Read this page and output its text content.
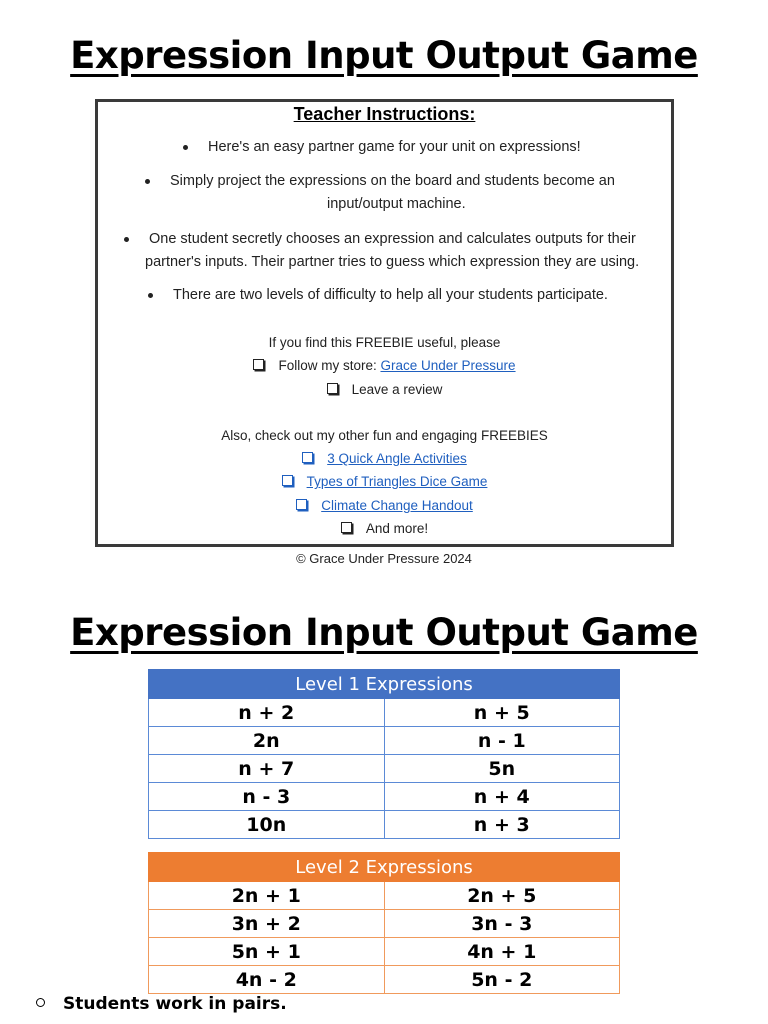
Expression Input Output Game
Teacher Instructions:
Here's an easy partner game for your unit on expressions!
Simply project the expressions on the board and students become an
input/output machine.
One student secretly chooses an expression and calculates outputs for their
partner's inputs. Their partner tries to guess which expression they are using.
There are two levels of difficulty to help all your students participate.
If you find this FREEBIE useful, please
Follow my store: Grace Under Pressure
Leave a review
Also, check out my other fun and engaging FREEBIES
3 Quick Angle Activities
Types of Triangles Dice Game
Climate Change Handout
And more!
© Grace Under Pressure 2024
Expression Input Output Game
Level 1 Expressions	
n + 2	n + 5
2n	n - 1
n + 7	5n
n - 3	n + 4
10n	n + 3
Level 2 Expressions	
2n + 1	2n + 5
3n + 2	3n - 3
5n + 1	4n + 1
4n - 2	5n - 2
Students work in pairs.
